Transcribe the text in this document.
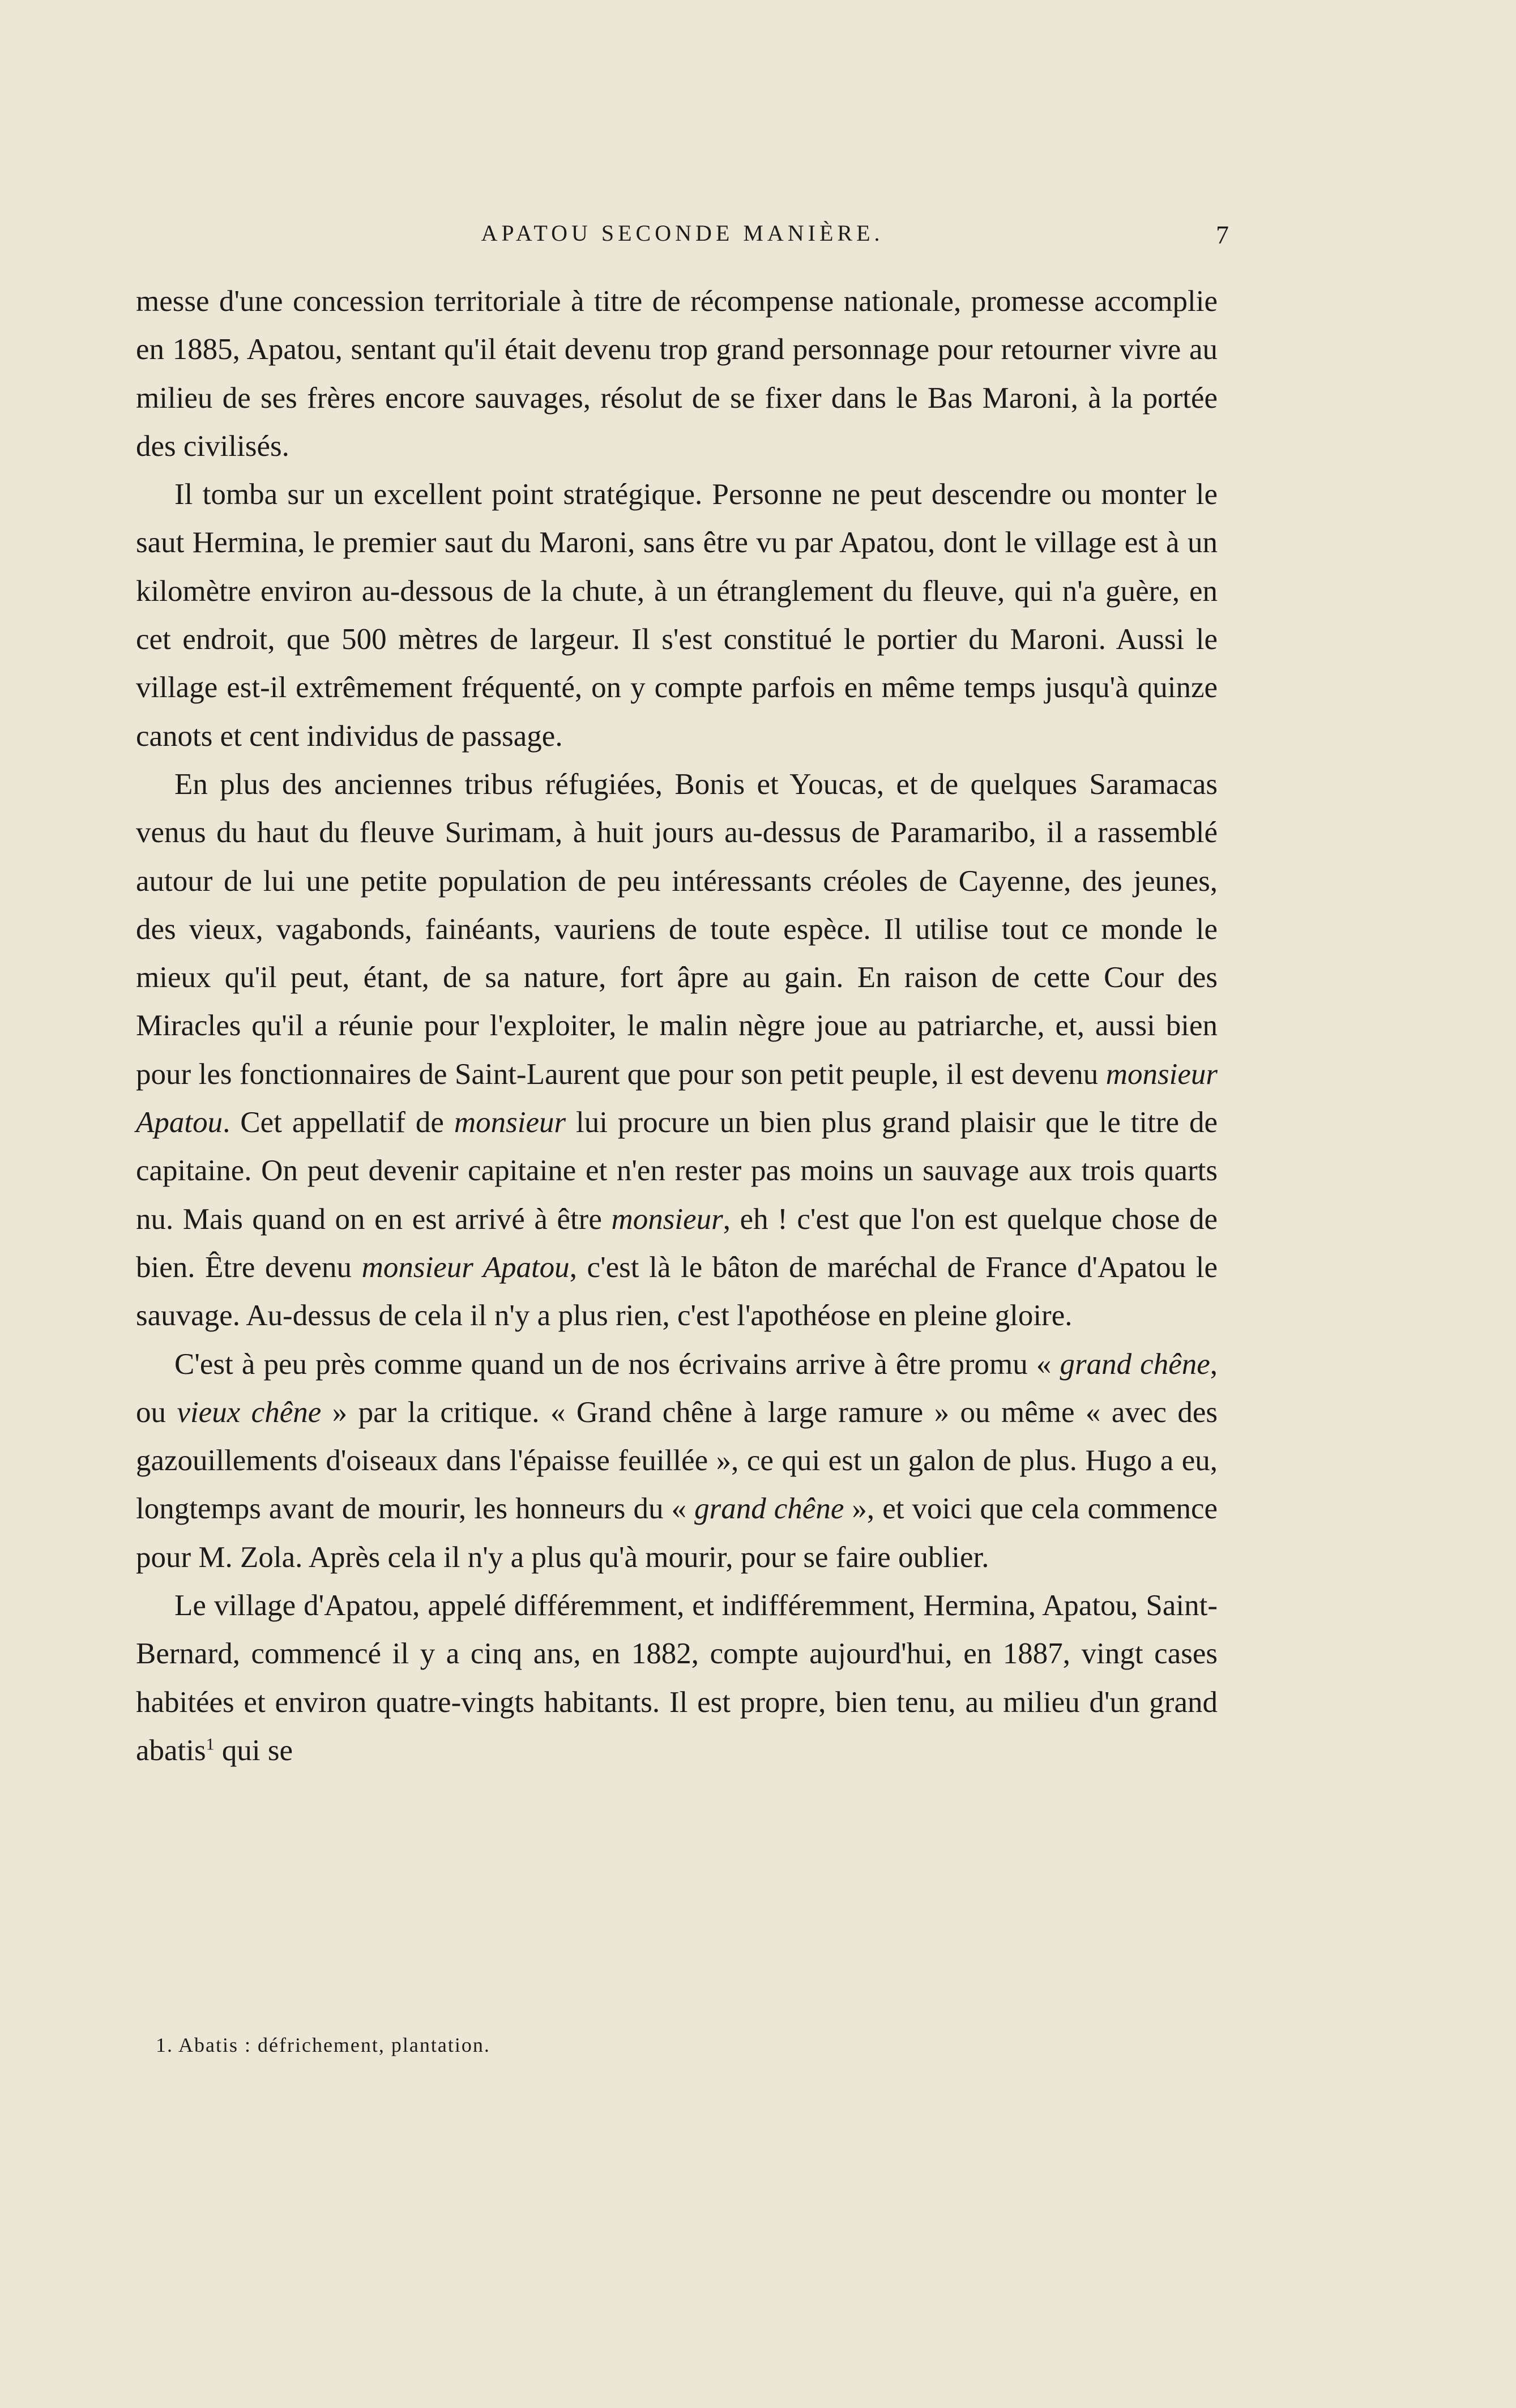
APATOU SECONDE MANIÈRE.	7

messe d'une concession territoriale à titre de récompense nationale, promesse accomplie en 1885, Apatou, sentant qu'il était devenu trop grand personnage pour retourner vivre au milieu de ses frères encore sauvages, résolut de se fixer dans le Bas Maroni, à la portée des civilisés.

Il tomba sur un excellent point stratégique. Personne ne peut descendre ou monter le saut Hermina, le premier saut du Maroni, sans être vu par Apatou, dont le village est à un kilomètre environ au-dessous de la chute, à un étranglement du fleuve, qui n'a guère, en cet endroit, que 500 mètres de largeur. Il s'est constitué le portier du Maroni. Aussi le village est-il extrêmement fréquenté, on y compte parfois en même temps jusqu'à quinze canots et cent individus de passage.

En plus des anciennes tribus réfugiées, Bonis et Youcas, et de quelques Saramacas venus du haut du fleuve Surimam, à huit jours au-dessus de Paramaribo, il a rassemblé autour de lui une petite population de peu intéressants créoles de Cayenne, des jeunes, des vieux, vagabonds, fainéants, vauriens de toute espèce. Il utilise tout ce monde le mieux qu'il peut, étant, de sa nature, fort âpre au gain. En raison de cette Cour des Miracles qu'il a réunie pour l'exploiter, le malin nègre joue au patriarche, et, aussi bien pour les fonctionnaires de Saint-Laurent que pour son petit peuple, il est devenu monsieur Apatou. Cet appellatif de monsieur lui procure un bien plus grand plaisir que le titre de capitaine. On peut devenir capitaine et n'en rester pas moins un sauvage aux trois quarts nu. Mais quand on en est arrivé à être monsieur, eh ! c'est que l'on est quelque chose de bien. Être devenu monsieur Apatou, c'est là le bâton de maréchal de France d'Apatou le sauvage. Au-dessus de cela il n'y a plus rien, c'est l'apothéose en pleine gloire.

C'est à peu près comme quand un de nos écrivains arrive à être promu « grand chêne, ou vieux chêne » par la critique. « Grand chêne à large ramure » ou même « avec des gazouillements d'oiseaux dans l'épaisse feuillée », ce qui est un galon de plus. Hugo a eu, longtemps avant de mourir, les honneurs du « grand chêne », et voici que cela commence pour M. Zola. Après cela il n'y a plus qu'à mourir, pour se faire oublier.

Le village d'Apatou, appelé différemment, et indifféremment, Hermina, Apatou, Saint-Bernard, commencé il y a cinq ans, en 1882, compte aujourd'hui, en 1887, vingt cases habitées et environ quatre-vingts habitants. Il est propre, bien tenu, au milieu d'un grand abatis$^1$ qui se

1. Abatis : défrichement, plantation.
